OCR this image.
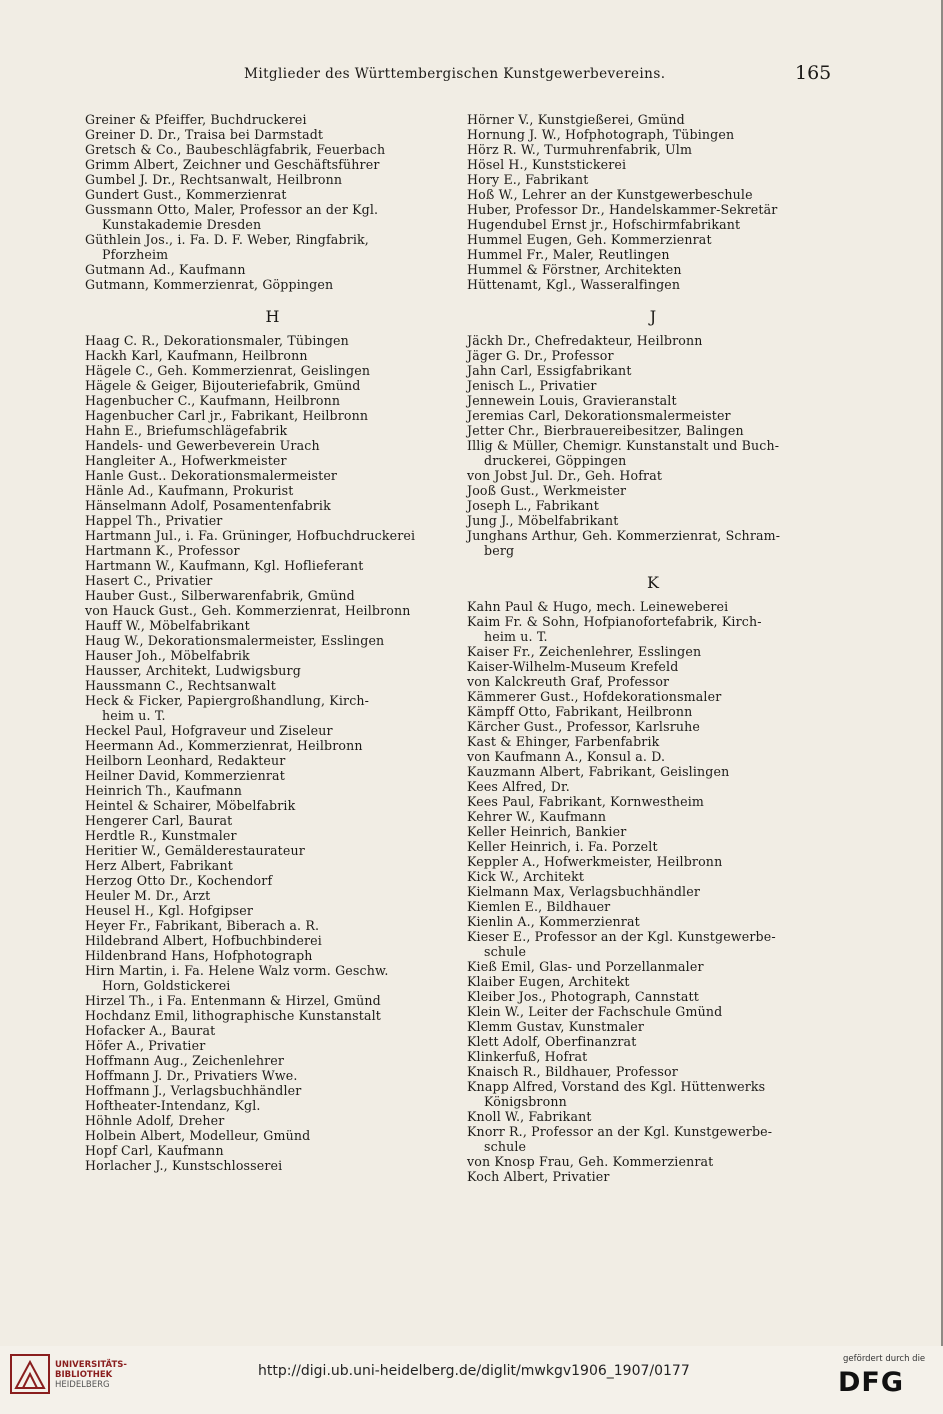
Mitglieder des Württembergischen Kunstgewerbevereins.	165
Greiner & Pfeiffer, Buchdruckerei
Greiner D. Dr., Traisa bei Darmstadt
Gretsch & Co., Baubeschlägfabrik, Feuerbach
Grimm Albert, Zeichner und Geschäftsführer
Gumbel J. Dr., Rechtsanwalt, Heilbronn
Gundert Gust., Kommerzienrat
Gussmann Otto, Maler, Professor an der Kgl.
Kunstakademie Dresden
Güthlein Jos., i. Fa. D. F. Weber, Ringfabrik,
Pforzheim
Gutmann Ad., Kaufmann
Gutmann, Kommerzienrat, Göppingen
H
Haag C. R., Dekorationsmaler, Tübingen
Hackh Karl, Kaufmann, Heilbronn
Hägele C., Geh. Kommerzienrat, Geislingen
Hägele & Geiger, Bijouteriefabrik, Gmünd
Hagenbucher C., Kaufmann, Heilbronn
Hagenbucher Carl jr., Fabrikant, Heilbronn
Hahn E., Briefumschlägefabrik
Handels- und Gewerbeverein Urach
Hangleiter A., Hofwerkmeister
Hanle Gust.. Dekorationsmalermeister
Hänle Ad., Kaufmann, Prokurist
Hänselmann Adolf, Posamentenfabrik
Happel Th., Privatier
Hartmann Jul., i. Fa. Grüninger, Hofbuchdruckerei
Hartmann K., Professor
Hartmann W., Kaufmann, Kgl. Hoflieferant
Hasert C., Privatier
Hauber Gust., Silberwarenfabrik, Gmünd
von Hauck Gust., Geh. Kommerzienrat, Heilbronn
Hauff W., Möbelfabrikant
Haug W., Dekorationsmalermeister, Esslingen
Hauser Joh., Möbelfabrik
Hausser, Architekt, Ludwigsburg
Haussmann C., Rechtsanwalt
Heck & Ficker, Papiergroßhandlung, Kirch-
heim u. T.
Heckel Paul, Hofgraveur und Ziseleur
Heermann Ad., Kommerzienrat, Heilbronn
Heilborn Leonhard, Redakteur
Heilner David, Kommerzienrat
Heinrich Th., Kaufmann
Heintel & Schairer, Möbelfabrik
Hengerer Carl, Baurat
Herdtle R., Kunstmaler
Heritier W., Gemälderestaurateur
Herz Albert, Fabrikant
Herzog Otto Dr., Kochendorf
Heuler M. Dr., Arzt
Heusel H., Kgl. Hofgipser
Heyer Fr., Fabrikant, Biberach a. R.
Hildebrand Albert, Hofbuchbinderei
Hildenbrand Hans, Hofphotograph
Hirn Martin, i. Fa. Helene Walz vorm. Geschw.
Horn, Goldstickerei
Hirzel Th., i Fa. Entenmann & Hirzel, Gmünd
Hochdanz Emil, lithographische Kunstanstalt
Hofacker A., Baurat
Höfer A., Privatier
Hoffmann Aug., Zeichenlehrer
Hoffmann J. Dr., Privatiers Wwe.
Hoffmann J., Verlagsbuchhändler
Hoftheater-Intendanz, Kgl.
Höhnle Adolf, Dreher
Holbein Albert, Modelleur, Gmünd
Hopf Carl, Kaufmann
Horlacher J., Kunstschlosserei
Hörner V., Kunstgießerei, Gmünd
Hornung J. W., Hofphotograph, Tübingen
Hörz R. W., Turmuhrenfabrik, Ulm
Hösel H., Kunststickerei
Hory E., Fabrikant
Hoß W., Lehrer an der Kunstgewerbeschule
Huber, Professor Dr., Handelskammer-Sekretär
Hugendubel Ernst jr., Hofschirmfabrikant
Hummel Eugen, Geh. Kommerzienrat
Hummel Fr., Maler, Reutlingen
Hummel & Förstner, Architekten
Hüttenamt, Kgl., Wasseralfingen
J
Jäckh Dr., Chefredakteur, Heilbronn
Jäger G. Dr., Professor
Jahn Carl, Essigfabrikant
Jenisch L., Privatier
Jennewein Louis, Gravieranstalt
Jeremias Carl, Dekorationsmalermeister
Jetter Chr., Bierbrauereibesitzer, Balingen
Illig & Müller, Chemigr. Kunstanstalt und Buch-
druckerei, Göppingen
von Jobst Jul. Dr., Geh. Hofrat
Jooß Gust., Werkmeister
Joseph L., Fabrikant
Jung J., Möbelfabrikant
Junghans Arthur, Geh. Kommerzienrat, Schram-
berg
K
Kahn Paul & Hugo, mech. Leineweberei
Kaim Fr. & Sohn, Hofpianofortefabrik, Kirch-
heim u. T.
Kaiser Fr., Zeichenlehrer, Esslingen
Kaiser-Wilhelm-Museum Krefeld
von Kalckreuth Graf, Professor
Kämmerer Gust., Hofdekorationsmaler
Kämpff Otto, Fabrikant, Heilbronn
Kärcher Gust., Professor, Karlsruhe
Kast & Ehinger, Farbenfabrik
von Kaufmann A., Konsul a. D.
Kauzmann Albert, Fabrikant, Geislingen
Kees Alfred, Dr.
Kees Paul, Fabrikant, Kornwestheim
Kehrer W., Kaufmann
Keller Heinrich, Bankier
Keller Heinrich, i. Fa. Porzelt
Keppler A., Hofwerkmeister, Heilbronn
Kick W., Architekt
Kielmann Max, Verlagsbuchhändler
Kiemlen E., Bildhauer
Kienlin A., Kommerzienrat
Kieser E., Professor an der Kgl. Kunstgewerbe-
schule
Kieß Emil, Glas- und Porzellanmaler
Klaiber Eugen, Architekt
Kleiber Jos., Photograph, Cannstatt
Klein W., Leiter der Fachschule Gmünd
Klemm Gustav, Kunstmaler
Klett Adolf, Oberfinanzrat
Klinkerfuß, Hofrat
Knaisch R., Bildhauer, Professor
Knapp Alfred, Vorstand des Kgl. Hüttenwerks
Königsbronn
Knoll W., Fabrikant
Knorr R., Professor an der Kgl. Kunstgewerbe-
schule
von Knosp Frau, Geh. Kommerzienrat
Koch Albert, Privatier
UNIVERSITÄTS-
BIBLIOTHEK
HEIDELBERG
http://digi.ub.uni-heidelberg.de/diglit/mwkgv1906_1907/0177
gefördert durch die
DFG
